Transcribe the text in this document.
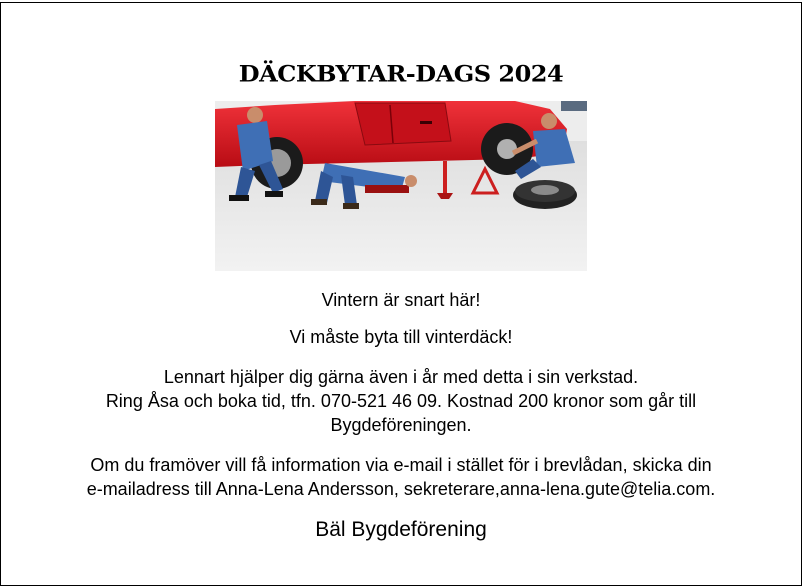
DÄCKBYTAR-DAGS 2024
Vintern är snart här!
Vi måste byta till vinterdäck!
Lennart hjälper dig gärna även i år med detta i sin verkstad.
Ring Åsa och boka tid, tfn. 070-521 46 09. Kostnad 200 kronor som går till
Bygdeföreningen.
Om du framöver vill få information via e-mail i stället för i brevlådan, skicka din
e-mailadress till Anna-Lena Andersson, sekreterare,anna-lena.gute@telia.com.
Bäl Bygdeförening
